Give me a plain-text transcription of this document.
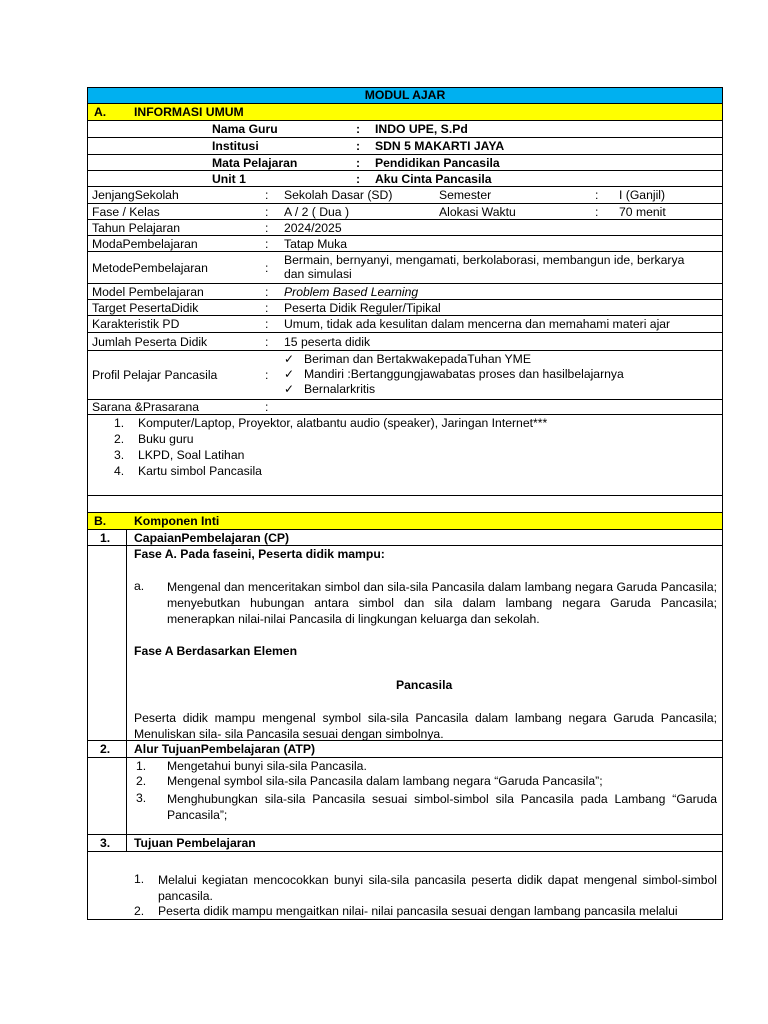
MODUL AJAR
A. INFORMASI UMUM
Nama Guru	: INDO UPE, S.Pd
Institusi	: SDN 5 MAKARTI JAYA
Mata Pelajaran	: Pendidikan Pancasila
Unit 1	: Aku Cinta Pancasila
JenjangSekolah	: Sekolah Dasar (SD)	Semester	: I (Ganjil)
Fase / Kelas	: A / 2 ( Dua )	Alokasi Waktu	: 70 menit
Tahun Pelajaran	: 2024/2025
ModaPembelajaran	: Tatap Muka
MetodePembelajaran	:
Bermain, bernyanyi, mengamati, berkolaborasi, membangun ide, berkarya
dan simulasi
Model Pembelajaran	: Problem Based Learning
Target PesertaDidik	: Peserta Didik Reguler/Tipikal
Karakteristik PD	: Umum, tidak ada kesulitan dalam mencerna dan memahami materi ajar
Jumlah Peserta Didik	: 15 peserta didik
Profil Pelajar Pancasila	:
✓ Beriman dan BertakwakepadaTuhan YME
✓ Mandiri :Bertanggungjawabatas proses dan hasilbelajarnya
✓ Bernalarkritis
Sarana &Prasarana	:
1. Komputer/Laptop, Proyektor, alatbantu audio (speaker), Jaringan Internet***
2. Buku guru
3. LKPD, Soal Latihan
4. Kartu simbol Pancasila
B. Komponen Inti
1. CapaianPembelajaran (CP)
Fase A. Pada faseini, Peserta didik mampu:
a. Mengenal dan menceritakan simbol dan sila-sila Pancasila dalam lambang negara Garuda Pancasila; menyebutkan hubungan antara simbol dan sila dalam lambang negara Garuda Pancasila; menerapkan nilai-nilai Pancasila di lingkungan keluarga dan sekolah.
Fase A Berdasarkan Elemen
Pancasila
Peserta didik mampu mengenal symbol sila-sila Pancasila dalam lambang negara Garuda Pancasila; Menuliskan sila- sila Pancasila sesuai dengan simbolnya.
2. Alur TujuanPembelajaran (ATP)
1. Mengetahui bunyi sila-sila Pancasila.
2. Mengenal symbol sila-sila Pancasila dalam lambang negara “Garuda Pancasila”;
3. Menghubungkan sila-sila Pancasila sesuai simbol-simbol sila Pancasila pada Lambang “Garuda Pancasila”;
3. Tujuan Pembelajaran
1. Melalui kegiatan mencocokkan bunyi sila-sila pancasila peserta didik dapat mengenal simbol-simbol pancasila.
2. Peserta didik mampu mengaitkan nilai- nilai pancasila sesuai dengan lambang pancasila melalui
